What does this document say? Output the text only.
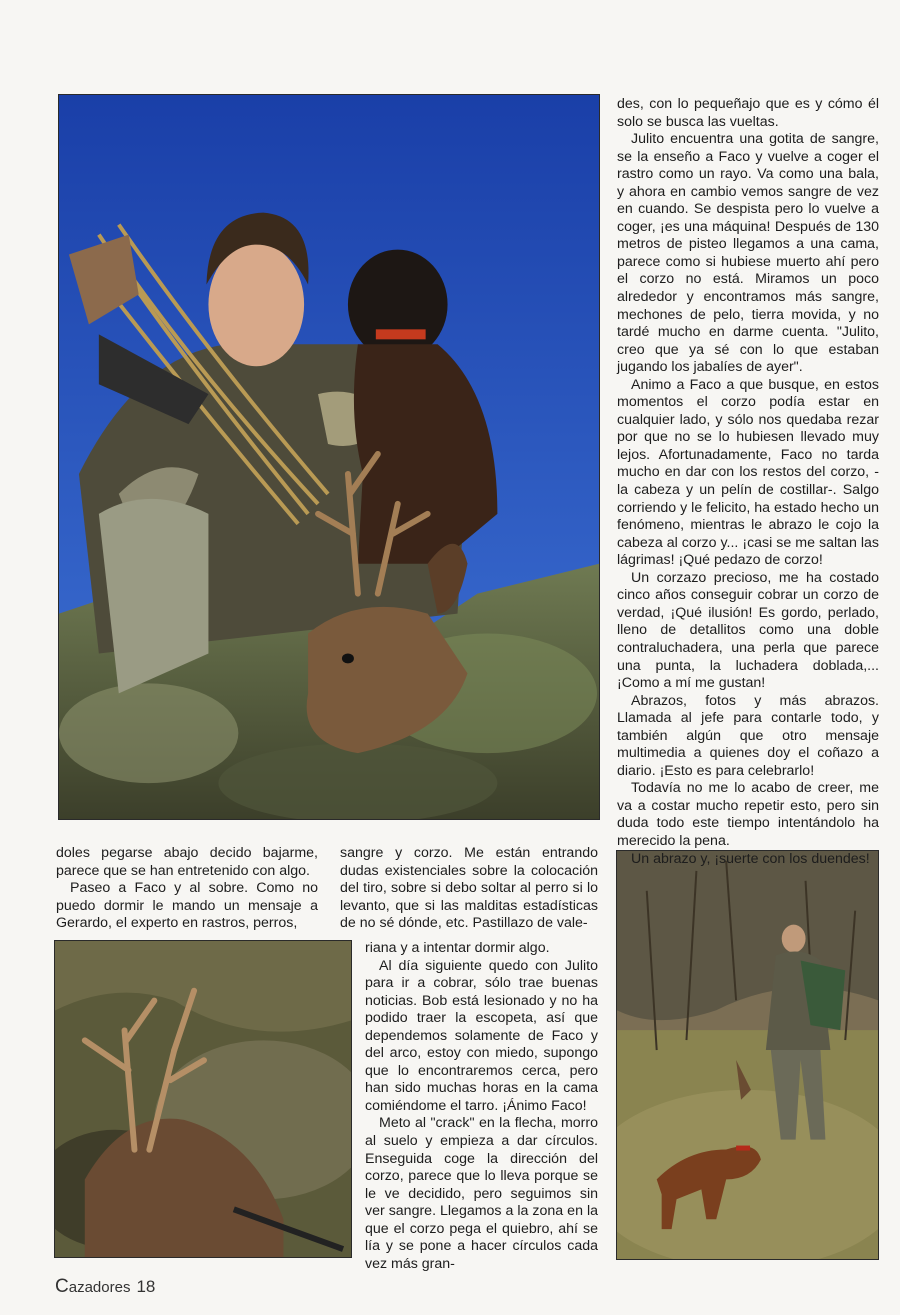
des, con lo pequeñajo que es y cómo él solo se busca las vueltas.

Julito encuentra una gotita de sangre, se la enseño a Faco y vuelve a coger el rastro como un rayo. Va como una bala, y ahora en cambio vemos sangre de vez en cuando. Se despista pero lo vuelve a coger, ¡es una máquina! Después de 130 metros de pisteo llegamos a una cama, parece como si hubiese muerto ahí pero el corzo no está. Miramos un poco alrededor y encontramos más sangre, mechones de pelo, tierra movida, y no tardé mucho en darme cuenta. "Julito, creo que ya sé con lo que estaban jugando los jabalíes de ayer".

Animo a Faco a que busque, en estos momentos el corzo podía estar en cualquier lado, y sólo nos quedaba rezar por que no se lo hubiesen llevado muy lejos. Afortunadamente, Faco no tarda mucho en dar con los restos del corzo, -la cabeza y un pelín de costillar-. Salgo corriendo y le felicito, ha estado hecho un fenómeno, mientras le abrazo le cojo la cabeza al corzo y... ¡casi se me saltan las lágrimas! ¡Qué pedazo de corzo!

Un corzazo precioso, me ha costado cinco años conseguir cobrar un corzo de verdad, ¡Qué ilusión! Es gordo, perlado, lleno de detallitos como una doble contraluchadera, una perla que parece una punta, la luchadera doblada,... ¡Como a mí me gustan!

Abrazos, fotos y más abrazos. Llamada al jefe para contarle todo, y también algún que otro mensaje multimedia a quienes doy el coñazo a diario. ¡Esto es para celebrarlo!

Todavía no me lo acabo de creer, me va a costar mucho repetir esto, pero sin duda todo este tiempo intentándolo ha merecido la pena.

Un abrazo y, ¡suerte con los duendes!

doles pegarse abajo decido bajarme, parece que se han entretenido con algo.

Paseo a Faco y al sobre. Como no puedo dormir le mando un mensaje a Gerardo, el experto en rastros, perros,

sangre y corzo. Me están entrando dudas existenciales sobre la colocación del tiro, sobre si debo soltar al perro si lo levanto, que si las malditas estadísticas de no sé dónde, etc. Pastillazo de vale-

riana y a intentar dormir algo.

Al día siguiente quedo con Julito para ir a cobrar, sólo trae buenas noticias. Bob está lesionado y no ha podido traer la escopeta, así que dependemos solamente de Faco y del arco, estoy con miedo, supongo que lo encontraremos cerca, pero han sido muchas horas en la cama comiéndome el tarro. ¡Ánimo Faco!

Meto al "crack" en la flecha, morro al suelo y empieza a dar círculos. Enseguida coge la dirección del corzo, parece que lo lleva porque se le ve decidido, pero seguimos sin ver sangre. Llegamos a la zona en la que el corzo pega el quiebro, ahí se lía y se pone a hacer círculos cada vez más gran-

Cazadores 18
